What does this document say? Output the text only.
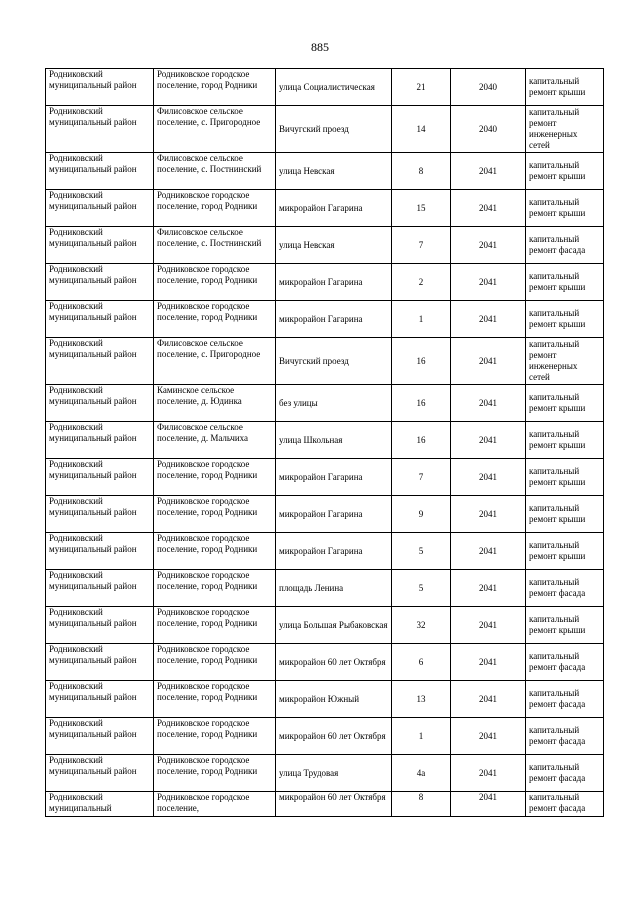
885
Родниковский муниципальный район	Родниковское городское поселение, город Родники	улица Социалистическая	21	2040	капитальный ремонт крыши
Родниковский муниципальный район	Филисовское сельское поселение, с. Пригородное	Вичугский проезд	14	2040	капитальный ремонт инженерных сетей
Родниковский муниципальный район	Филисовское сельское поселение, с. Постнинский	улица Невская	8	2041	капитальный ремонт крыши
Родниковский муниципальный район	Родниковское городское поселение, город Родники	микрорайон Гагарина	15	2041	капитальный ремонт крыши
Родниковский муниципальный район	Филисовское сельское поселение, с. Постнинский	улица Невская	7	2041	капитальный ремонт фасада
Родниковский муниципальный район	Родниковское городское поселение, город Родники	микрорайон Гагарина	2	2041	капитальный ремонт крыши
Родниковский муниципальный район	Родниковское городское поселение, город Родники	микрорайон Гагарина	1	2041	капитальный ремонт крыши
Родниковский муниципальный район	Филисовское сельское поселение, с. Пригородное	Вичугский проезд	16	2041	капитальный ремонт инженерных сетей
Родниковский муниципальный район	Каминское сельское поселение, д. Юдинка	без улицы	16	2041	капитальный ремонт крыши
Родниковский муниципальный район	Филисовское сельское поселение, д. Мальчиха	улица Школьная	16	2041	капитальный ремонт крыши
Родниковский муниципальный район	Родниковское городское поселение, город Родники	микрорайон Гагарина	7	2041	капитальный ремонт крыши
Родниковский муниципальный район	Родниковское городское поселение, город Родники	микрорайон Гагарина	9	2041	капитальный ремонт крыши
Родниковский муниципальный район	Родниковское городское поселение, город Родники	микрорайон Гагарина	5	2041	капитальный ремонт крыши
Родниковский муниципальный район	Родниковское городское поселение, город Родники	площадь Ленина	5	2041	капитальный ремонт фасада
Родниковский муниципальный район	Родниковское городское поселение, город Родники	улица Большая Рыбаковская	32	2041	капитальный ремонт крыши
Родниковский муниципальный район	Родниковское городское поселение, город Родники	микрорайон 60 лет Октября	6	2041	капитальный ремонт фасада
Родниковский муниципальный район	Родниковское городское поселение, город Родники	микрорайон Южный	13	2041	капитальный ремонт фасада
Родниковский муниципальный район	Родниковское городское поселение, город Родники	микрорайон 60 лет Октября	1	2041	капитальный ремонт фасада
Родниковский муниципальный район	Родниковское городское поселение, город Родники	улица Трудовая	4а	2041	капитальный ремонт фасада
Родниковский муниципальный	Родниковское городское поселение,	микрорайон 60 лет Октября	8	2041	капитальный ремонт фасада
